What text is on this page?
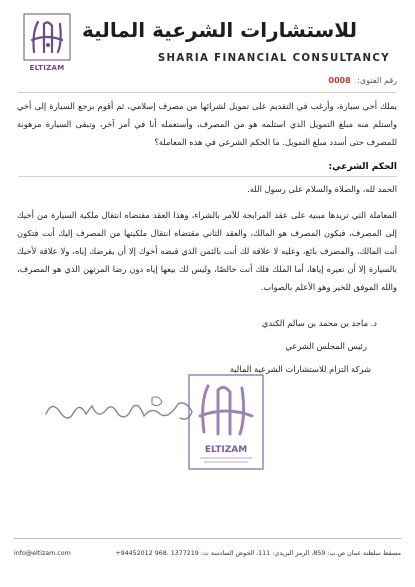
ELTIZAM
للاستشارات الشرعية المالية
SHARIA FINANCIAL CONSULTANCY
رقم الفتوى: 0008
يملك أخي سيارة، وأرغب في التقديم على تمويل لشرائها من مصرف إسلامي، ثم أقوم برجع السيارة إلى أخي واستلم منه مبلغ التمويل الذي استلمه هو من المصرف، وأستعمله أنا في أمر آخر، وتبقى السيارة مرهونة للمصرف حتى أسدد مبلغ التمويل. ما الحكم الشرعي في هذه المعاملة؟
الحكم الشرعي:
الحمد لله، والصلاة والسلام على رسول الله.
المعاملة التي تريدها مبنية على عقد المرابحة للآمر بالشراء، وهذا العقد مقتضاه انتقال ملكية السيارة من أخيك إلى المصرف، فيكون المصرف هو المالك، والعقد الثاني مقتضاه انتقال ملكيتها من المصرف إليك أنت فتكون أنت المالك، والمصرف بائع، وعليه لا علاقة لك أنت بالثمن الذي قبضه أخوك إلا أن يقرضك إياه، ولا علاقة لأخيك بالسيارة إلا أن تعيره إياها، أما الملك فلك أنت خالصًا، وليس لك بيعها إياه دون رضا المرتهن الذي هو المصرف، والله الموفق للخير وهو الأعلم بالصواب.
د. ماجد بن محمد بن سالم الكندي
رئيس المجلس الشرعي
شركة التزام للاستشارات الشرعية المالية
ELTIZAM
مسقط سلطنة عمان ص.ب: 859، الرمز البريدي: 111، الخوض السادسة ت: 1377219 .968 94452012+
info@eltizam.com
